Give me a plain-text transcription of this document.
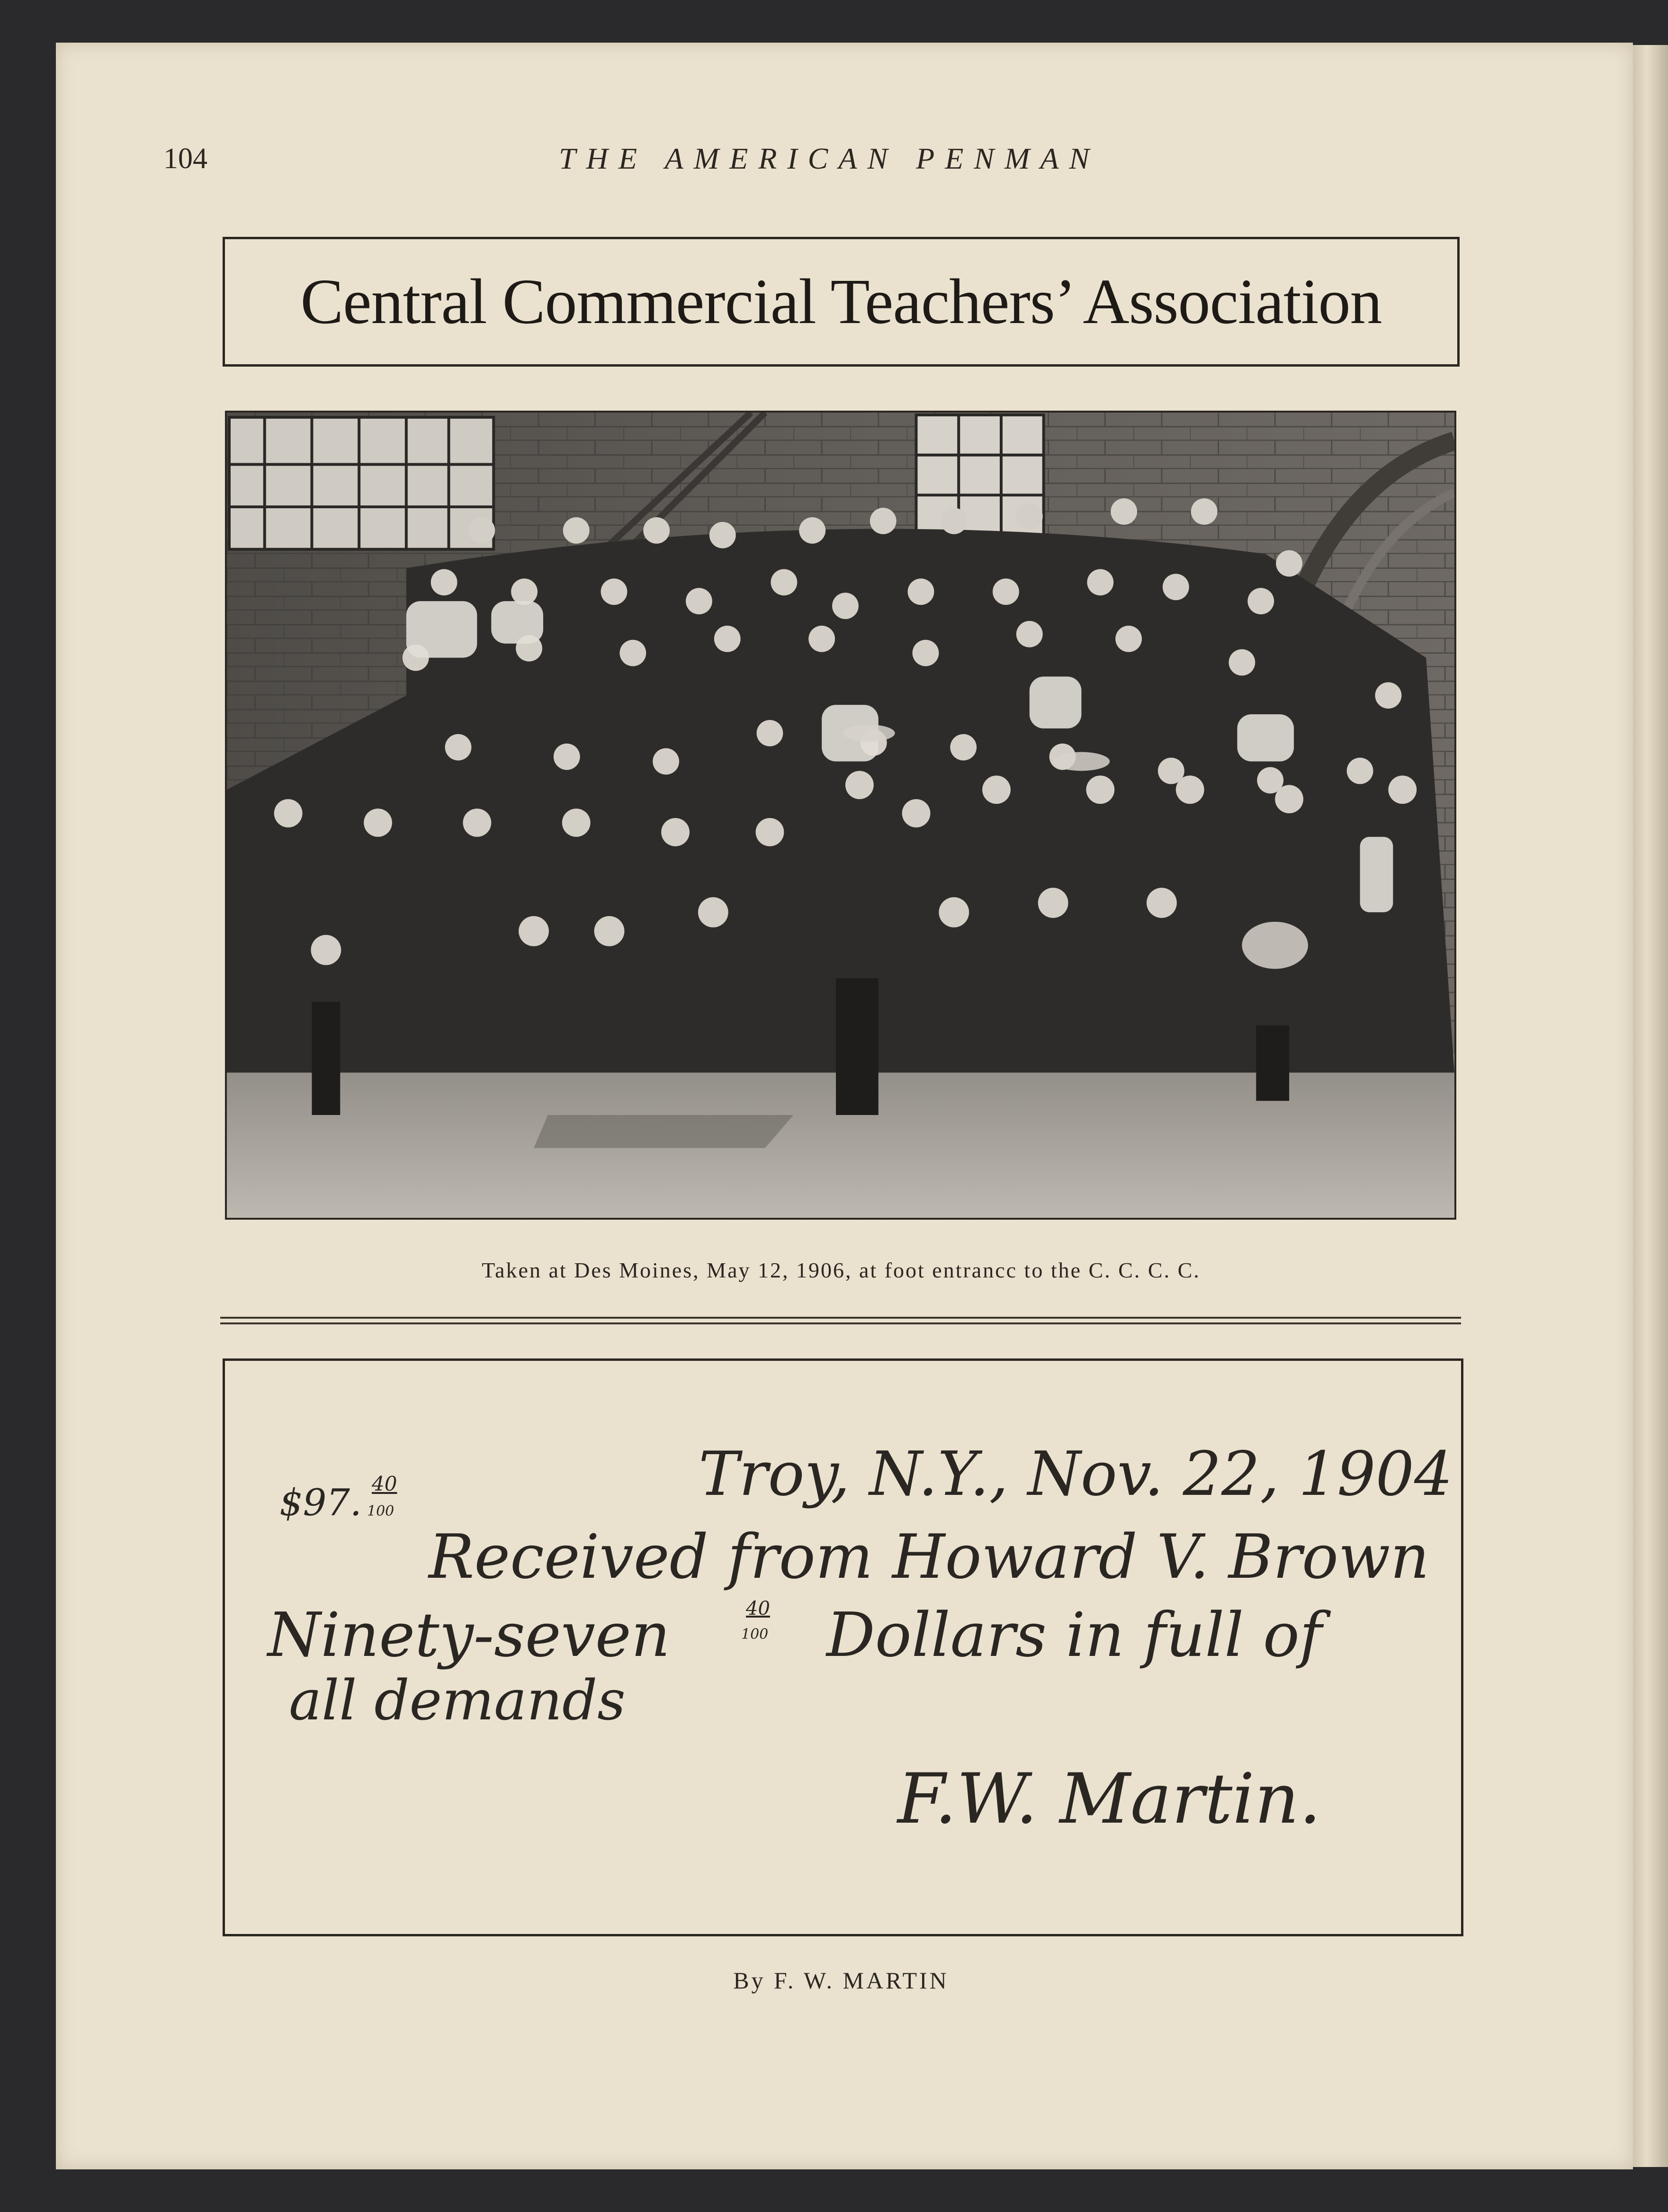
104	THE AMERICAN PENMAN
Central Commercial Teachers’ Association
Taken at Des Moines, May 12, 1906, at foot entrancc to the C. C. C. C.
$97. 40
100
Troy, N.Y., Nov. 22, 1904
Received from Howard V. Brown
Ninety-seven	40
100 Dollars in full of
all demands
F.W. Martin.
By F. W. MARTIN
